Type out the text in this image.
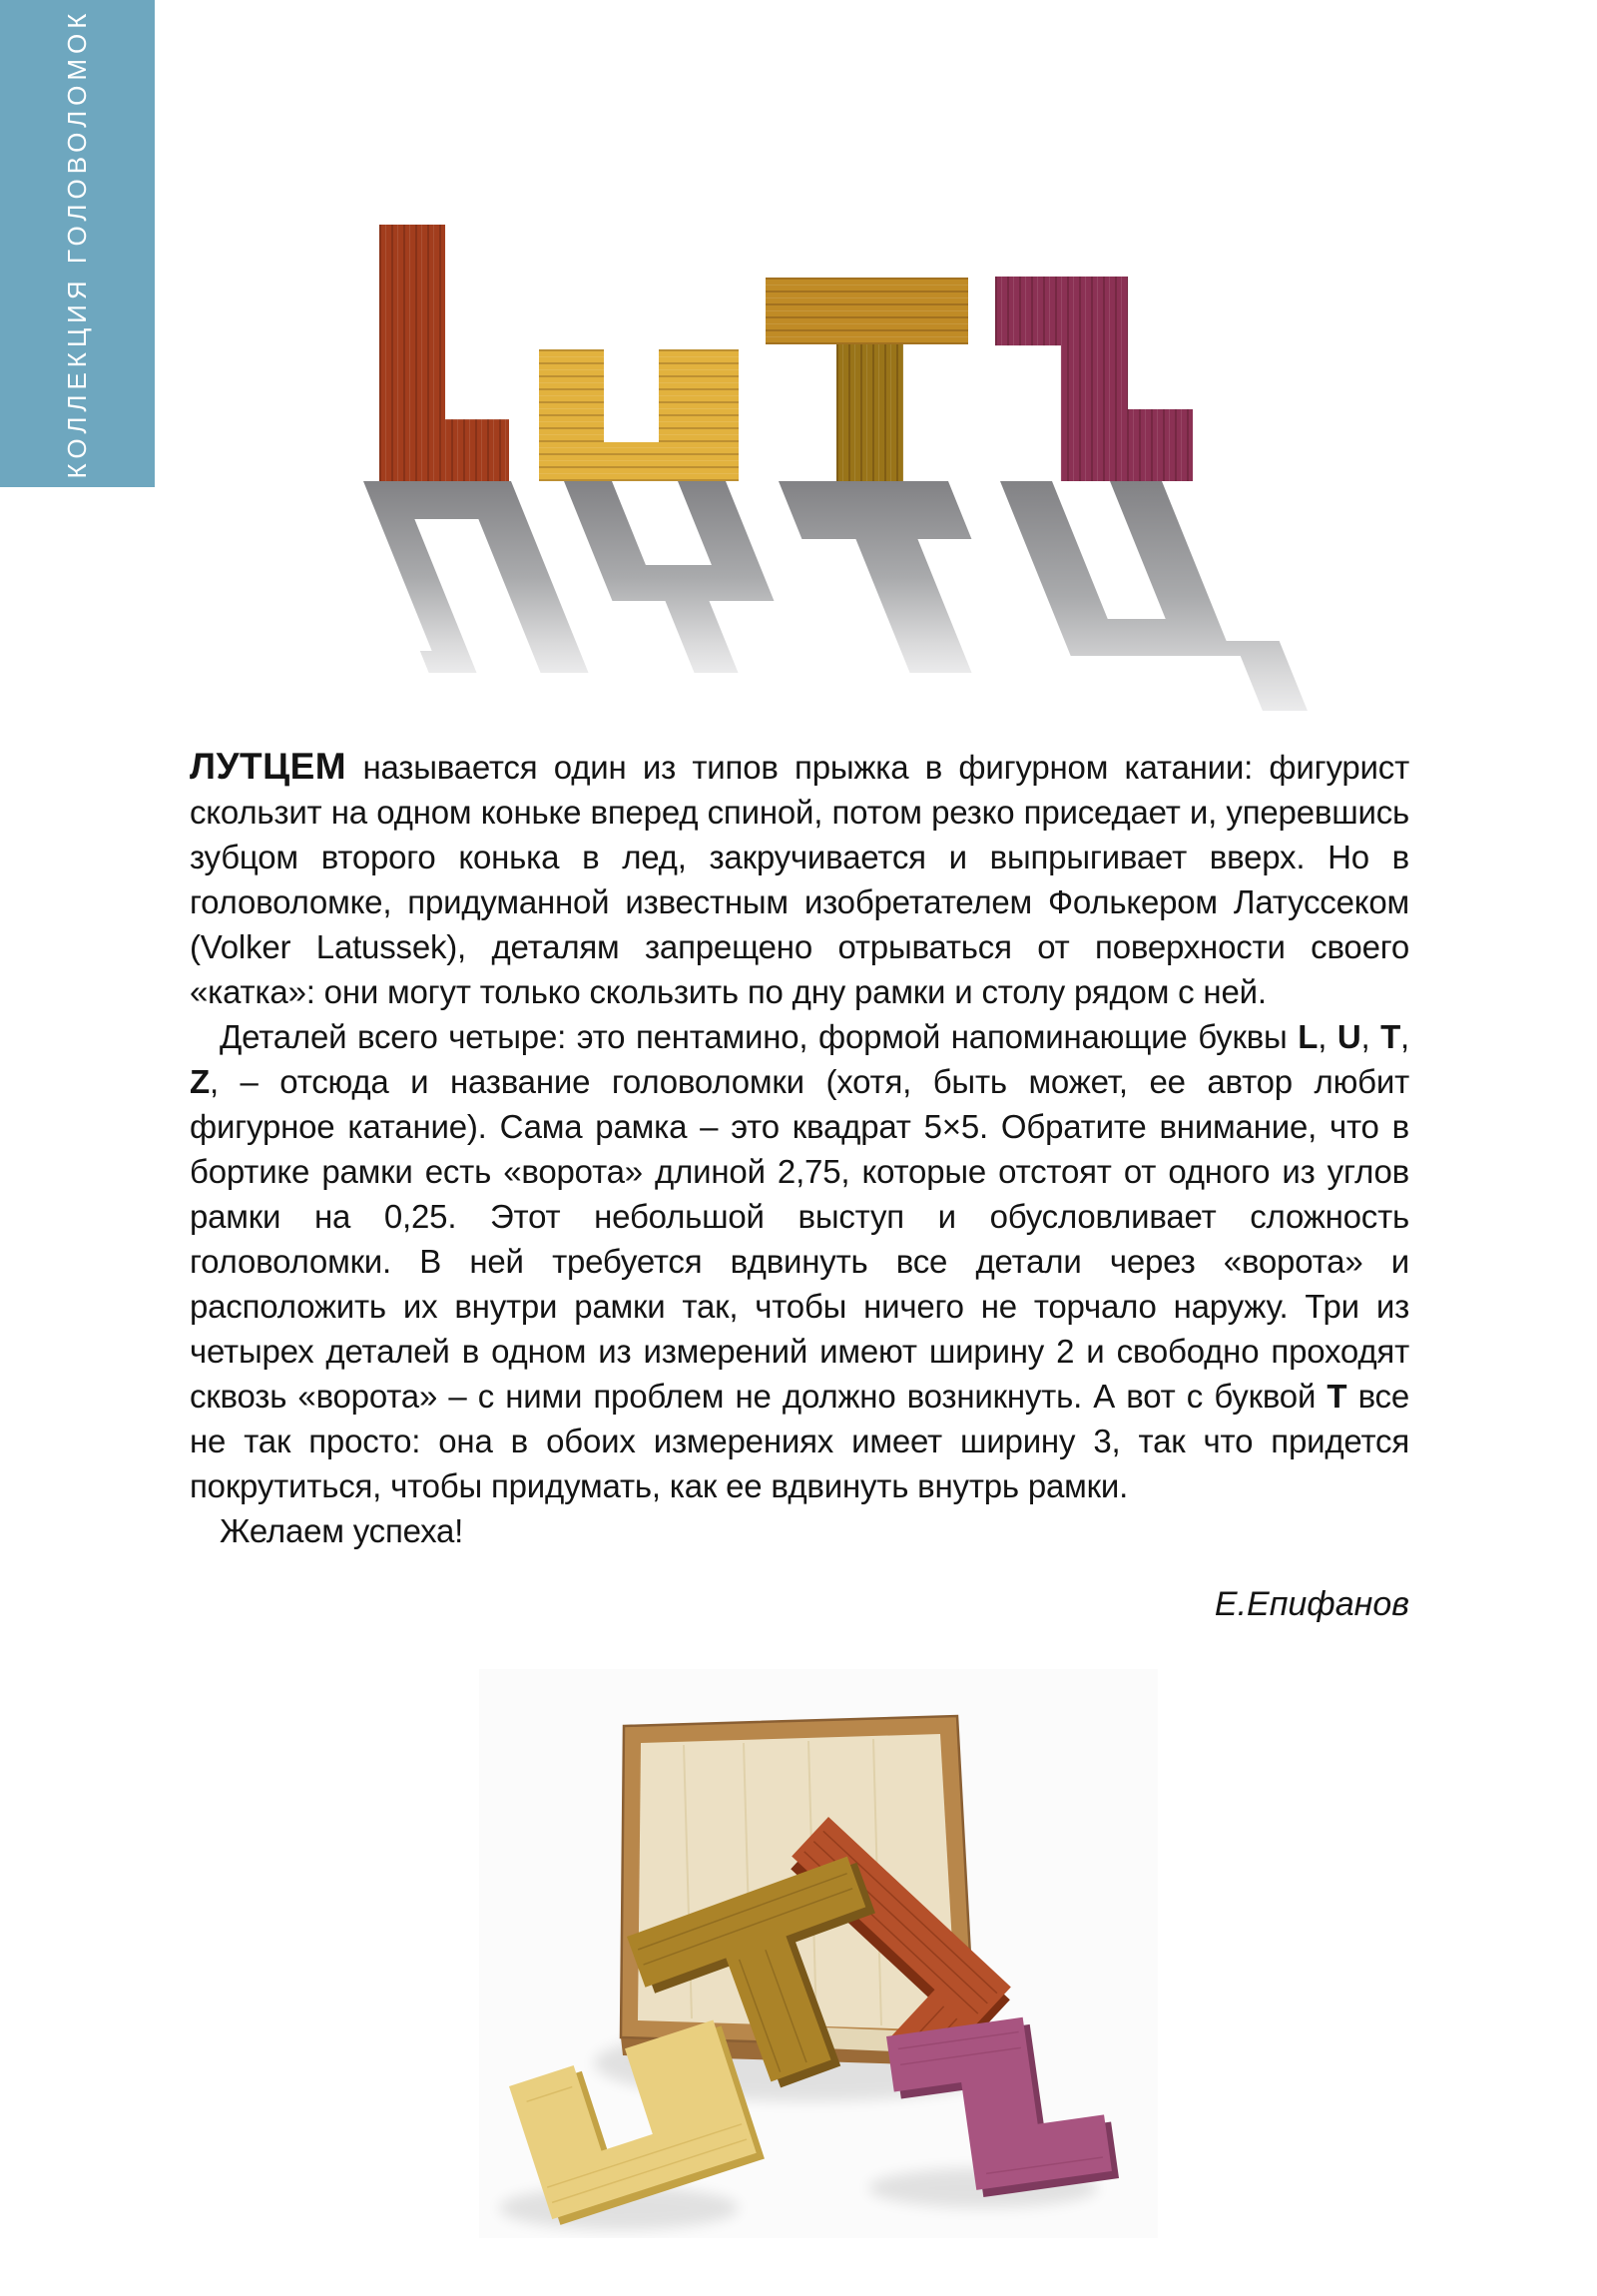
КОЛЛЕКЦИЯ ГОЛОВОЛОМОК

ЛУТЦЕМ называется один из типов прыжка в фигурном катании: фигурист скользит на одном коньке вперед спиной, потом резко приседает и, уперевшись зубцом второго конька в лед, закручивается и выпрыгивает вверх. Но в головоломке, придуманной известным изобретателем Фолькером Латуссеком (Volker Latussek), деталям запрещено отрываться от поверхности своего «катка»: они могут только скользить по дну рамки и столу рядом с ней.

Деталей всего четыре: это пентамино, формой напоминающие буквы L, U, T, Z, – отсюда и название головоломки (хотя, быть может, ее автор любит фигурное катание). Сама рамка – это квадрат 5×5. Обратите внимание, что в бортике рамки есть «ворота» длиной 2,75, которые отстоят от одного из углов рамки на 0,25. Этот небольшой выступ и обусловливает сложность головоломки. В ней требуется вдвинуть все детали через «ворота» и расположить их внутри рамки так, чтобы ничего не торчало наружу. Три из четырех деталей в одном из измерений имеют ширину 2 и свободно проходят сквозь «ворота» – с ними проблем не должно возникнуть. А вот с буквой Т все не так просто: она в обоих измерениях имеет ширину 3, так что придется покрутиться, чтобы придумать, как ее вдвинуть внутрь рамки.

Желаем успеха!

Е.Епифанов
